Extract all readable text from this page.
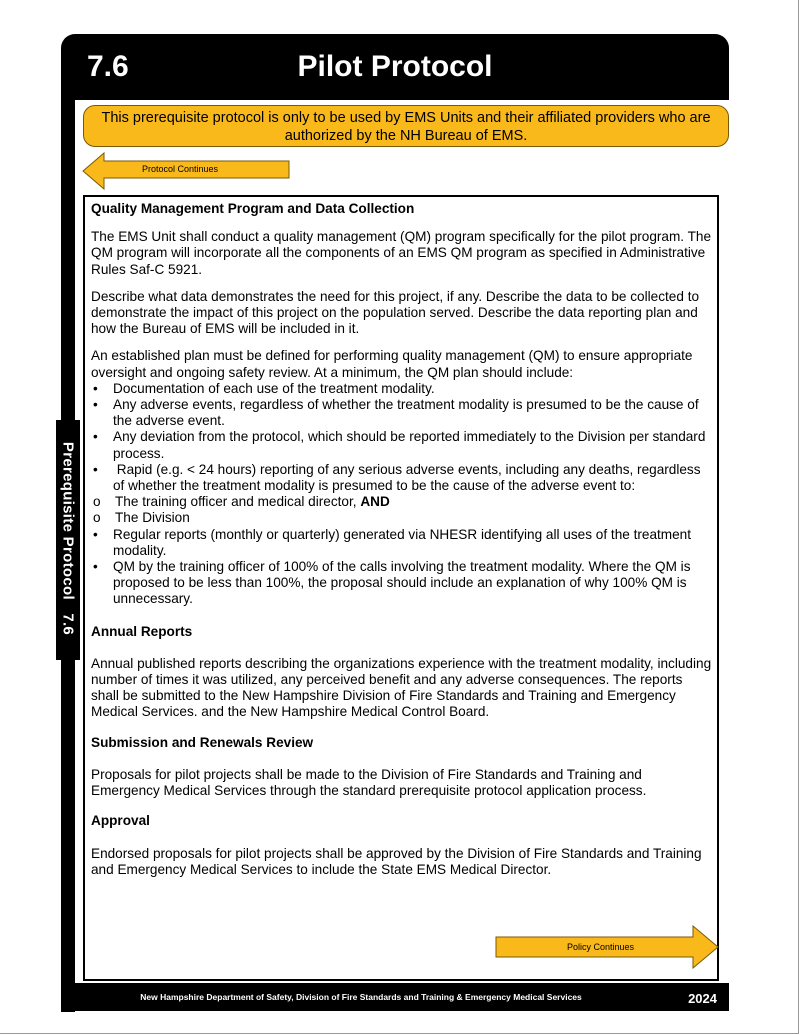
7.6	Pilot Protocol
Prerequisite Protocol   7.6
This prerequisite protocol is only to be used by EMS Units and their affiliated providers who are authorized by the NH Bureau of EMS.
Protocol Continues
Quality Management Program and Data Collection

The EMS Unit shall conduct a quality management (QM) program specifically for the pilot program. The QM program will incorporate all the components of an EMS QM program as specified in Administrative Rules Saf-C 5921.

Describe what data demonstrates the need for this project, if any. Describe the data to be collected to demonstrate the impact of this project on the population served. Describe the data reporting plan and how the Bureau of EMS will be included in it.

An established plan must be defined for performing quality management (QM) to ensure appropriate oversight and ongoing safety review. At a minimum, the QM plan should include:

• Documentation of each use of the treatment modality.
• Any adverse events, regardless of whether the treatment modality is presumed to be the cause of the adverse event.
• Any deviation from the protocol, which should be reported immediately to the Division per standard process.
• Rapid (e.g. < 24 hours) reporting of any serious adverse events, including any deaths, regardless of whether the treatment modality is presumed to be the cause of the adverse event to:
o The training officer and medical director, AND
o The Division
• Regular reports (monthly or quarterly) generated via NHESR identifying all uses of the treatment modality.
• QM by the training officer of 100% of the calls involving the treatment modality. Where the QM is proposed to be less than 100%, the proposal should include an explanation of why 100% QM is unnecessary.
Annual Reports

Annual published reports describing the organizations experience with the treatment modality, including number of times it was utilized, any perceived benefit and any adverse consequences. The reports shall be submitted to the New Hampshire Division of Fire Standards and Training and Emergency Medical Services. and the New Hampshire Medical Control Board.

Submission and Renewals Review

Proposals for pilot projects shall be made to the Division of Fire Standards and Training and Emergency Medical Services through the standard prerequisite protocol application process.

Approval

Endorsed proposals for pilot projects shall be approved by the Division of Fire Standards and Training and Emergency Medical Services to include the State EMS Medical Director.

Policy Continues
New Hampshire Department of Safety, Division of Fire Standards and Training & Emergency Medical Services	2024
